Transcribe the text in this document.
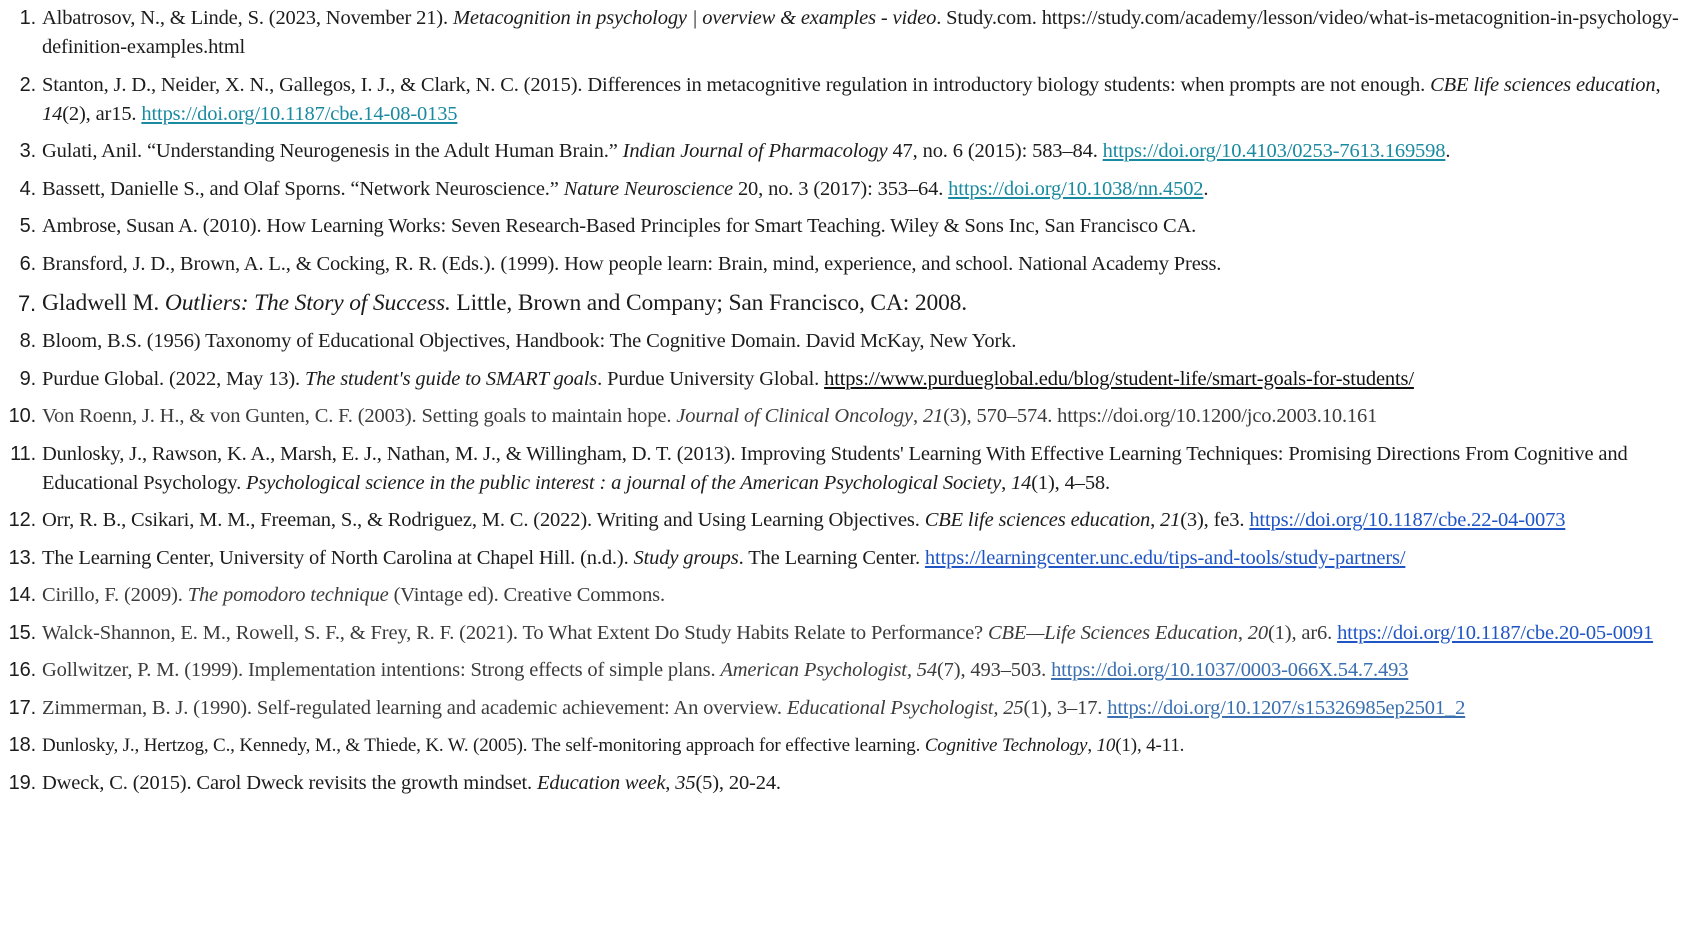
1. Albatrosov, N., & Linde, S. (2023, November 21). Metacognition in psychology | overview & examples - video. Study.com. https://study.com/academy/lesson/video/what-is-metacognition-in-psychology-definition-examples.html
2. Stanton, J. D., Neider, X. N., Gallegos, I. J., & Clark, N. C. (2015). Differences in metacognitive regulation in introductory biology students: when prompts are not enough. CBE life sciences education, 14(2), ar15. https://doi.org/10.1187/cbe.14-08-0135
3. Gulati, Anil. “Understanding Neurogenesis in the Adult Human Brain.” Indian Journal of Pharmacology 47, no. 6 (2015): 583–84. https://doi.org/10.4103/0253-7613.169598.
4. Bassett, Danielle S., and Olaf Sporns. “Network Neuroscience.” Nature Neuroscience 20, no. 3 (2017): 353–64. https://doi.org/10.1038/nn.4502.
5. Ambrose, Susan A. (2010). How Learning Works: Seven Research-Based Principles for Smart Teaching. Wiley & Sons Inc, San Francisco CA.
6. Bransford, J. D., Brown, A. L., & Cocking, R. R. (Eds.). (1999). How people learn: Brain, mind, experience, and school. National Academy Press.
7. Gladwell M. Outliers: The Story of Success. Little, Brown and Company; San Francisco, CA: 2008.
8. Bloom, B.S. (1956) Taxonomy of Educational Objectives, Handbook: The Cognitive Domain. David McKay, New York.
9. Purdue Global. (2022, May 13). The student's guide to SMART goals. Purdue University Global. https://www.purdueglobal.edu/blog/student-life/smart-goals-for-students/
10. Von Roenn, J. H., & von Gunten, C. F. (2003). Setting goals to maintain hope. Journal of Clinical Oncology, 21(3), 570–574. https://doi.org/10.1200/jco.2003.10.161
11. Dunlosky, J., Rawson, K. A., Marsh, E. J., Nathan, M. J., & Willingham, D. T. (2013). Improving Students' Learning With Effective Learning Techniques: Promising Directions From Cognitive and Educational Psychology. Psychological science in the public interest : a journal of the American Psychological Society, 14(1), 4–58.
12. Orr, R. B., Csikari, M. M., Freeman, S., & Rodriguez, M. C. (2022). Writing and Using Learning Objectives. CBE life sciences education, 21(3), fe3. https://doi.org/10.1187/cbe.22-04-0073
13. The Learning Center, University of North Carolina at Chapel Hill. (n.d.). Study groups. The Learning Center. https://learningcenter.unc.edu/tips-and-tools/study-partners/
14. Cirillo, F. (2009). The pomodoro technique (Vintage ed). Creative Commons.
15. Walck-Shannon, E. M., Rowell, S. F., & Frey, R. F. (2021). To What Extent Do Study Habits Relate to Performance? CBE—Life Sciences Education, 20(1), ar6. https://doi.org/10.1187/cbe.20-05-0091
16. Gollwitzer, P. M. (1999). Implementation intentions: Strong effects of simple plans. American Psychologist, 54(7), 493–503. https://doi.org/10.1037/0003-066X.54.7.493
17. Zimmerman, B. J. (1990). Self-regulated learning and academic achievement: An overview. Educational Psychologist, 25(1), 3–17. https://doi.org/10.1207/s15326985ep2501_2
18. Dunlosky, J., Hertzog, C., Kennedy, M., & Thiede, K. W. (2005). The self-monitoring approach for effective learning. Cognitive Technology, 10(1), 4-11.
19. Dweck, C. (2015). Carol Dweck revisits the growth mindset. Education week, 35(5), 20-24.
